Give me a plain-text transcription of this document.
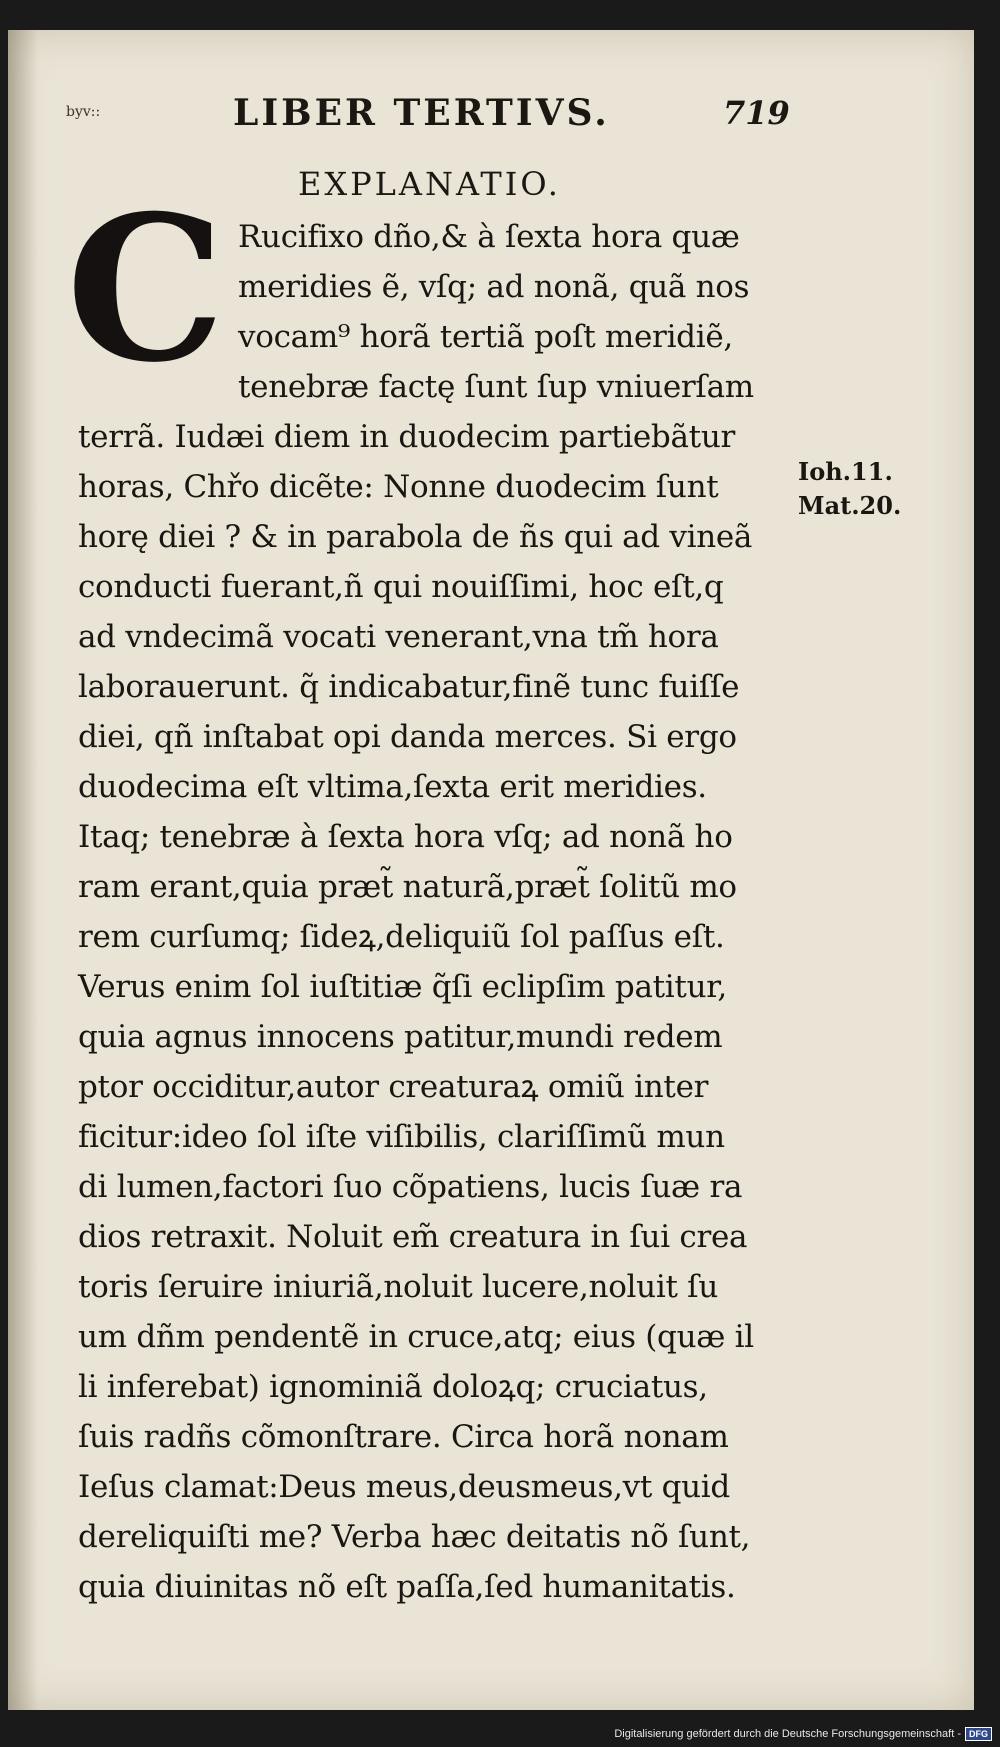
byv::	LIBER TERTIVS.	719
EXPLANATIO.
C Rucifixo dño,& à ſexta hora quæ
meridies ẽ, vſq; ad nonã, quã nos
vocam⁹ horã tertiã poſt meridiẽ,
tenebræ factę ſunt ſup vniuerſam
terrã. Iudæi diem in duodecim partiebãtur
horas, Chřo dicẽte: Nonne duodecim ſunt
horę diei ? & in parabola de ñs qui ad vineã
conducti fuerant,ñ qui nouiſſimi, hoc eſt,q
ad vndecimã vocati venerant,vna tm̃ hora
laborauerunt. q̃ indicabatur,finẽ tunc fuiſſe
diei, qñ inſtabat opi danda merces. Si ergo
duodecima eſt vltima,ſexta erit meridies.
Itaq; tenebræ à ſexta hora vſq; ad nonã ho
ram erant,quia præt̃ naturã,præt̃ ſolitũ mo
rem curſumq; ſideꝝ,deliquiũ ſol paſſus eſt.
Verus enim ſol iuſtitiæ q̃ſi eclipſim patitur,
quia agnus innocens patitur,mundi redem
ptor occiditur,autor creaturaꝝ omiũ inter
ficitur:ideo ſol iſte viſibilis, clariſſimũ mun
di lumen,factori ſuo cõpatiens, lucis ſuæ ra
dios retraxit. Noluit em̃ creatura in ſui crea
toris ſeruire iniuriã,noluit lucere,noluit ſu
um dñm pendentẽ in cruce,atq; eius (quæ il
li inferebat) ignominiã doloꝝq; cruciatus,
ſuis radñs cõmonſtrare. Circa horã nonam
Ieſus clamat:Deus meus,deusmeus,vt quid
dereliquiſti me? Verba hæc deitatis nõ ſunt,
quia diuinitas nõ eſt paſſa,ſed humanitatis.
Ioh.11.
Mat.20.
Digitalisierung gefördert durch die Deutsche Forschungsgemeinschaft - DFG
